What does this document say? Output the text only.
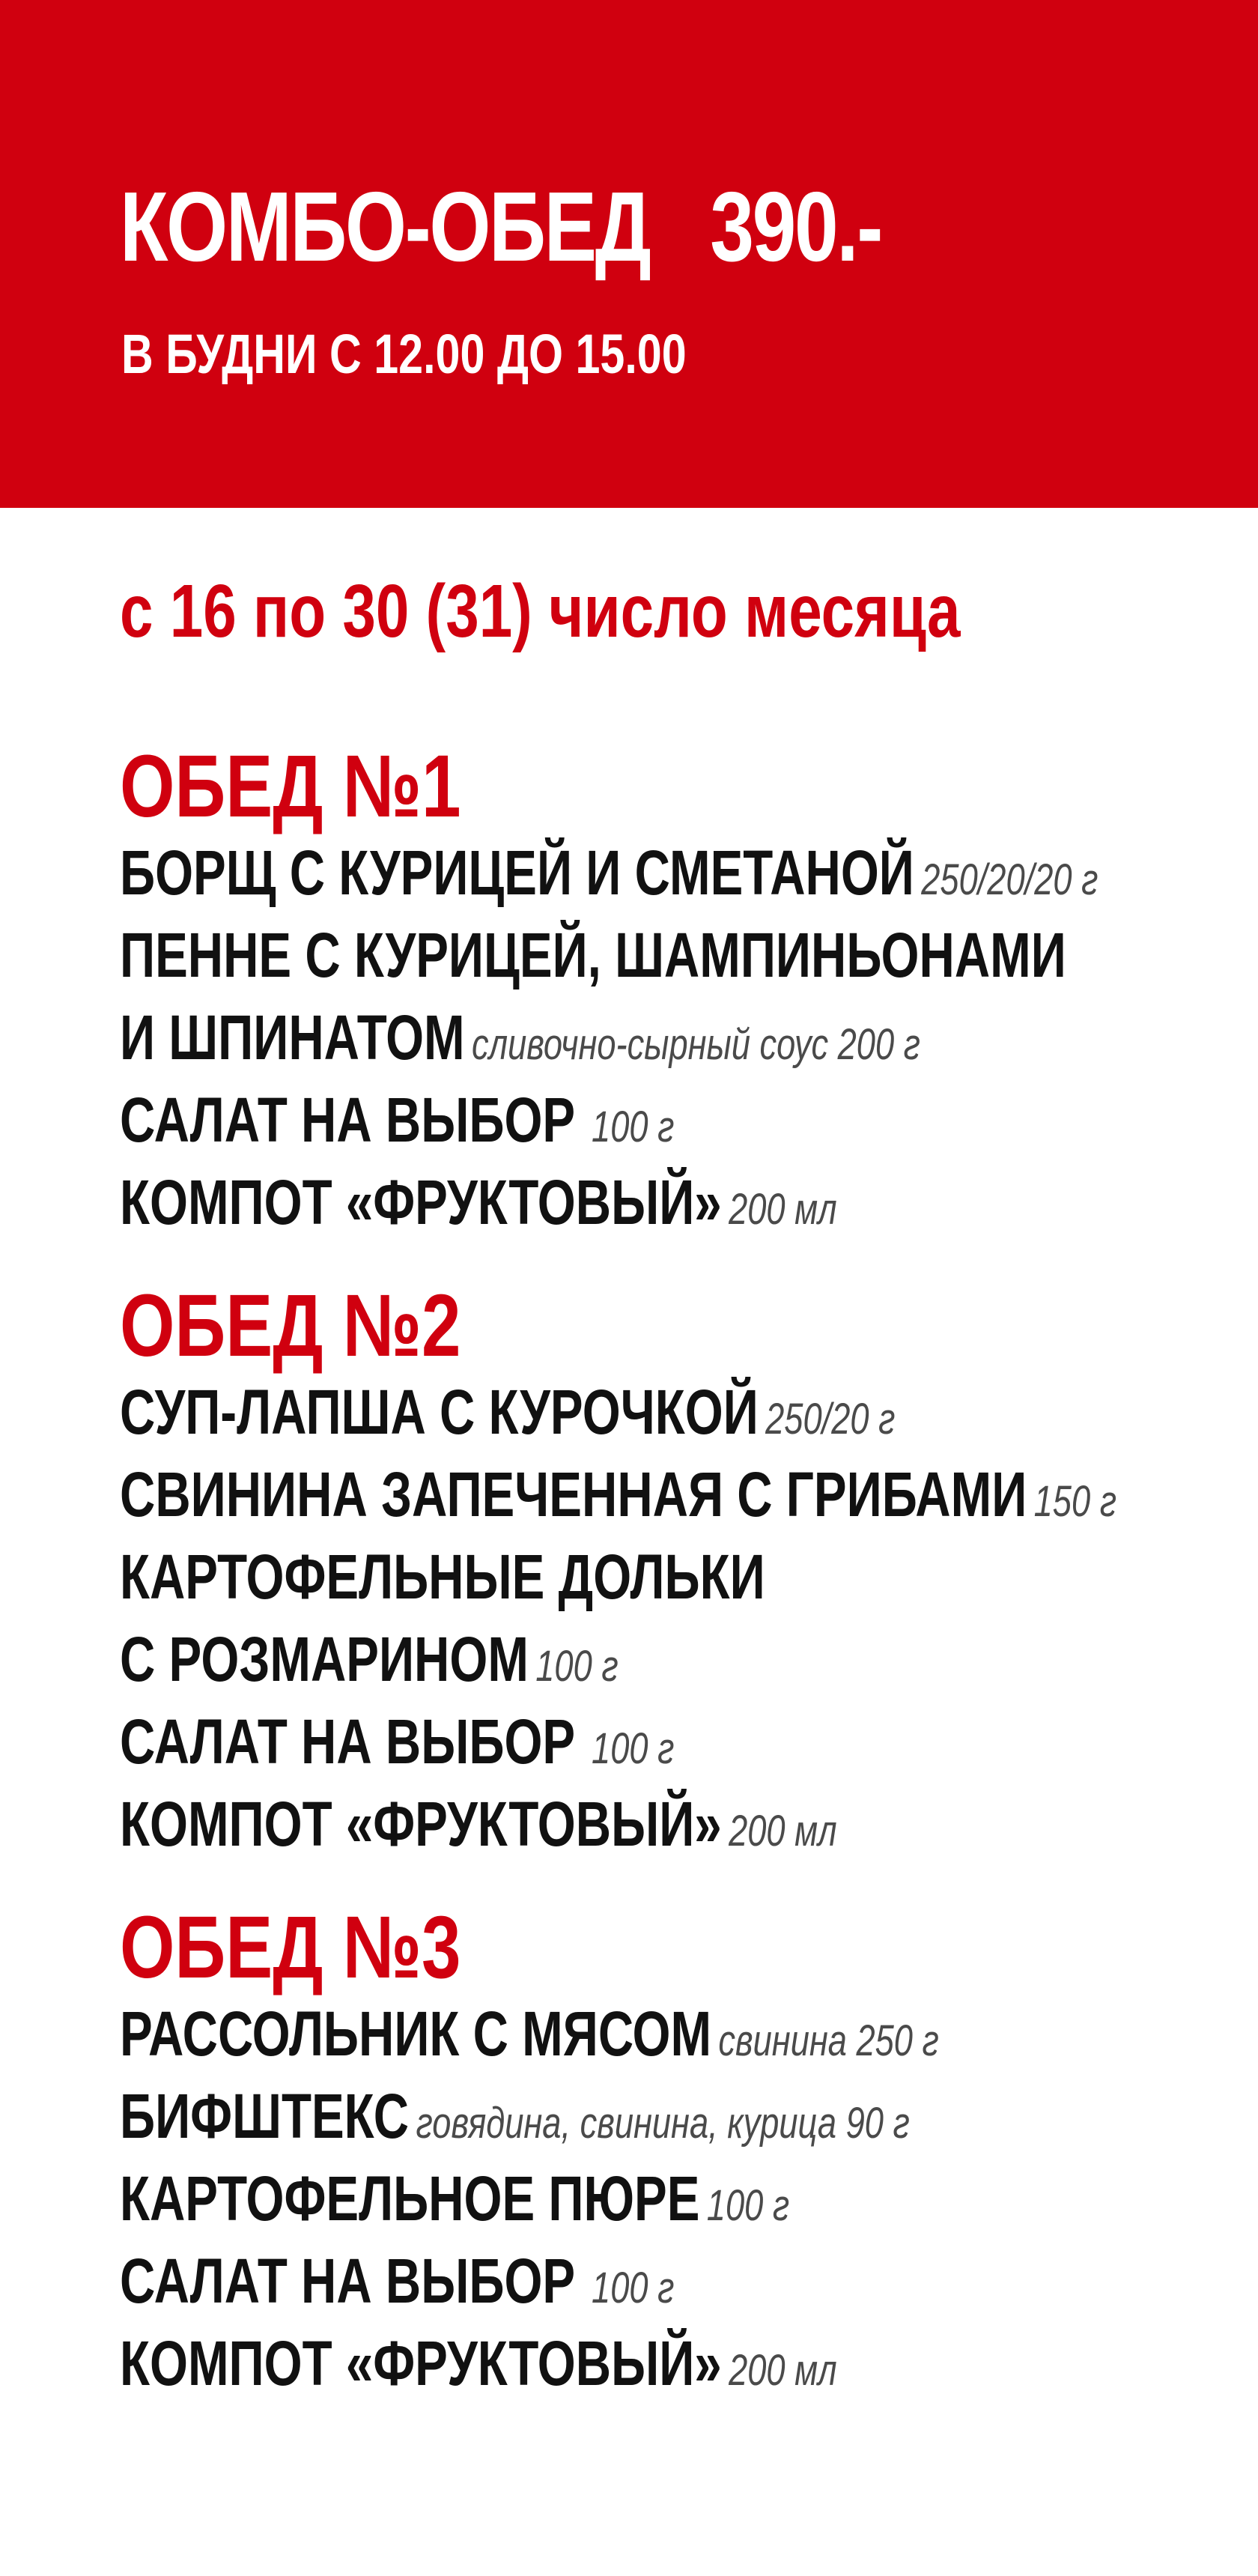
КОМБО-ОБЕД   390.-
В БУДНИ С 12.00 ДО 15.00
с 16 по 30 (31) число месяца
ОБЕД №1
БОРЩ С КУРИЦЕЙ И СМЕТАНОЙ 250/20/20 г
ПЕННЕ С КУРИЦЕЙ, ШАМПИНЬОНАМИ
И ШПИНАТОМ сливочно-сырный соус 200 г
САЛАТ НА ВЫБОР 100 г
КОМПОТ «ФРУКТОВЫЙ» 200 мл
ОБЕД №2
СУП-ЛАПША С КУРОЧКОЙ 250/20 г
СВИНИНА ЗАПЕЧЕННАЯ С ГРИБАМИ 150 г
КАРТОФЕЛЬНЫЕ ДОЛЬКИ
С РОЗМАРИНОМ 100 г
САЛАТ НА ВЫБОР 100 г
КОМПОТ «ФРУКТОВЫЙ» 200 мл
ОБЕД №3
РАССОЛЬНИК С МЯСОМ свинина 250 г
БИФШТЕКС говядина, свинина, курица 90 г
КАРТОФЕЛЬНОЕ ПЮРЕ 100 г
САЛАТ НА ВЫБОР 100 г
КОМПОТ «ФРУКТОВЫЙ» 200 мл
